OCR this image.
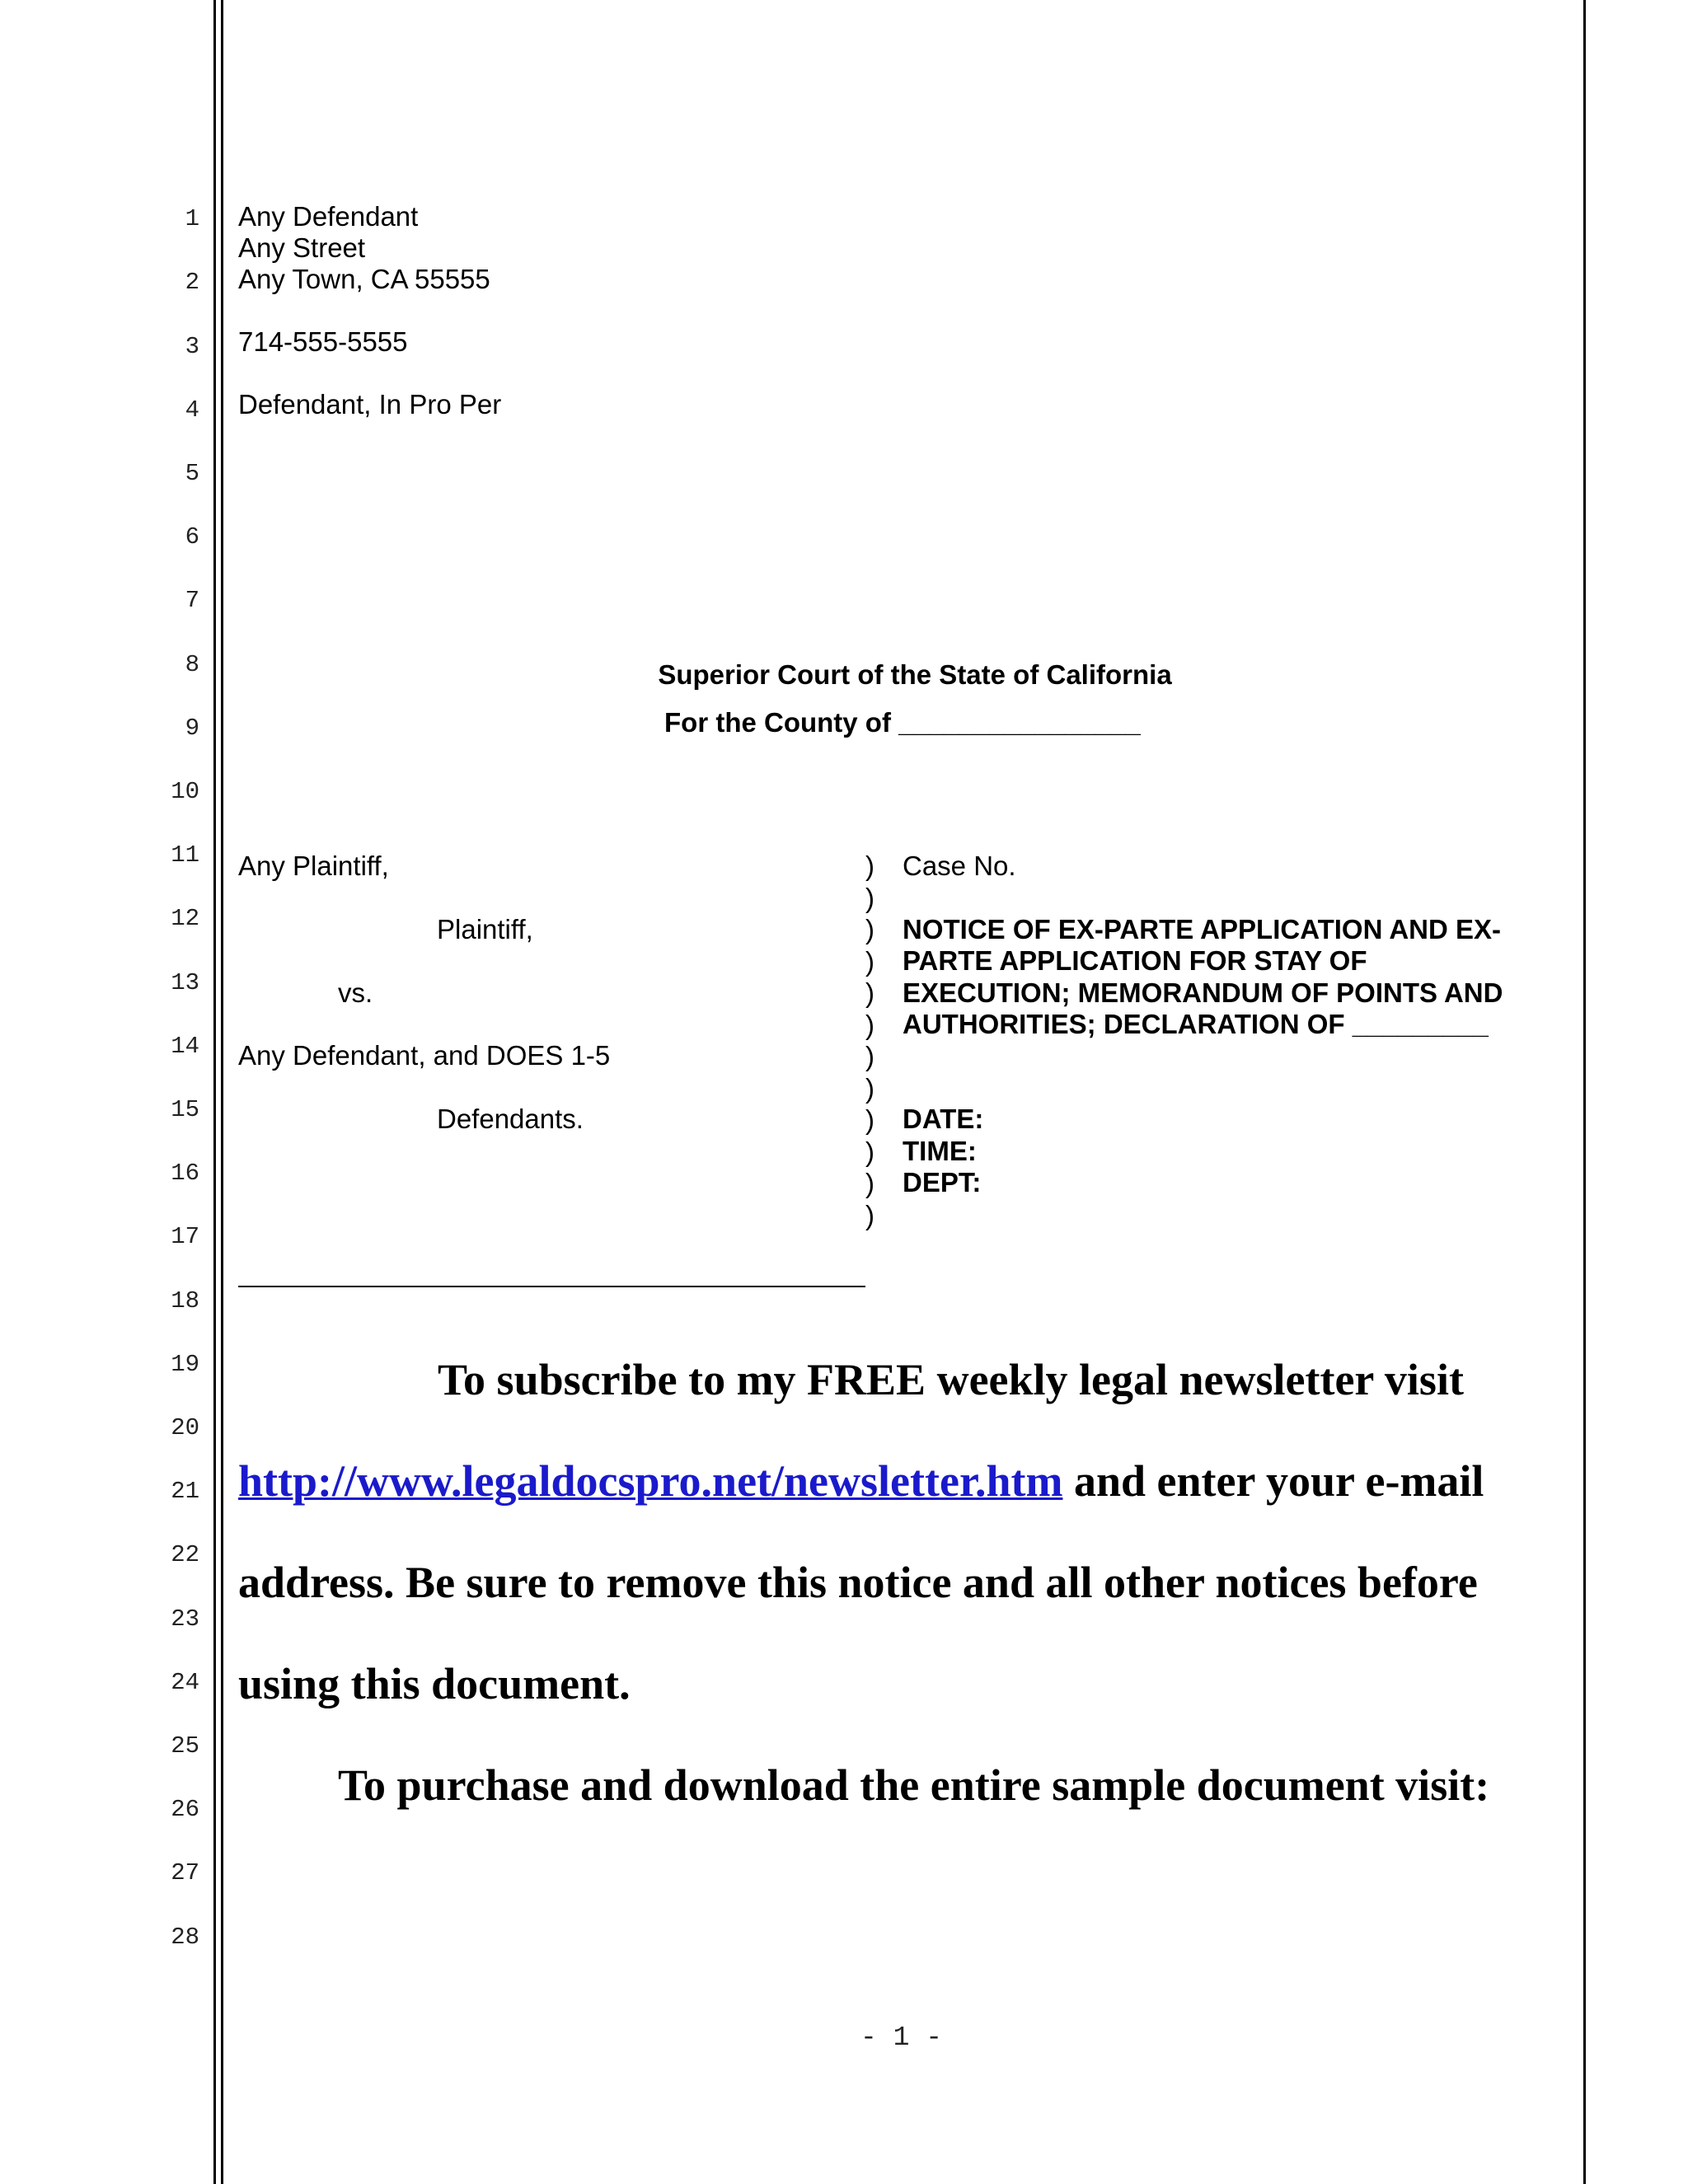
1
2
3
4
5
6
7
8
9
10
11
12
13
14
15
16
17
18
19
20
21
22
23
24
25
26
27
28
Any Defendant
Any Street
Any Town, CA 55555
714-555-5555
Defendant, In Pro Per
Superior Court of the State of California
For the County of ________________
Any Plaintiff,
Plaintiff,
vs.
Any Defendant, and DOES 1-5
Defendants.
)
)
)
)
)
)
)
)
)
)
)
)
Case No.
NOTICE OF EX-PARTE APPLICATION AND EX-
PARTE APPLICATION FOR STAY OF
EXECUTION; MEMORANDUM OF POINTS AND
AUTHORITIES; DECLARATION OF _________
DATE:
TIME:
DEPT:
To subscribe to my FREE weekly legal newsletter visit
http://www.legaldocspro.net/newsletter.htm and enter your e-mail
address. Be sure to remove this notice and all other notices before
using this document.
To purchase and download the entire sample document visit:
- 1 -
